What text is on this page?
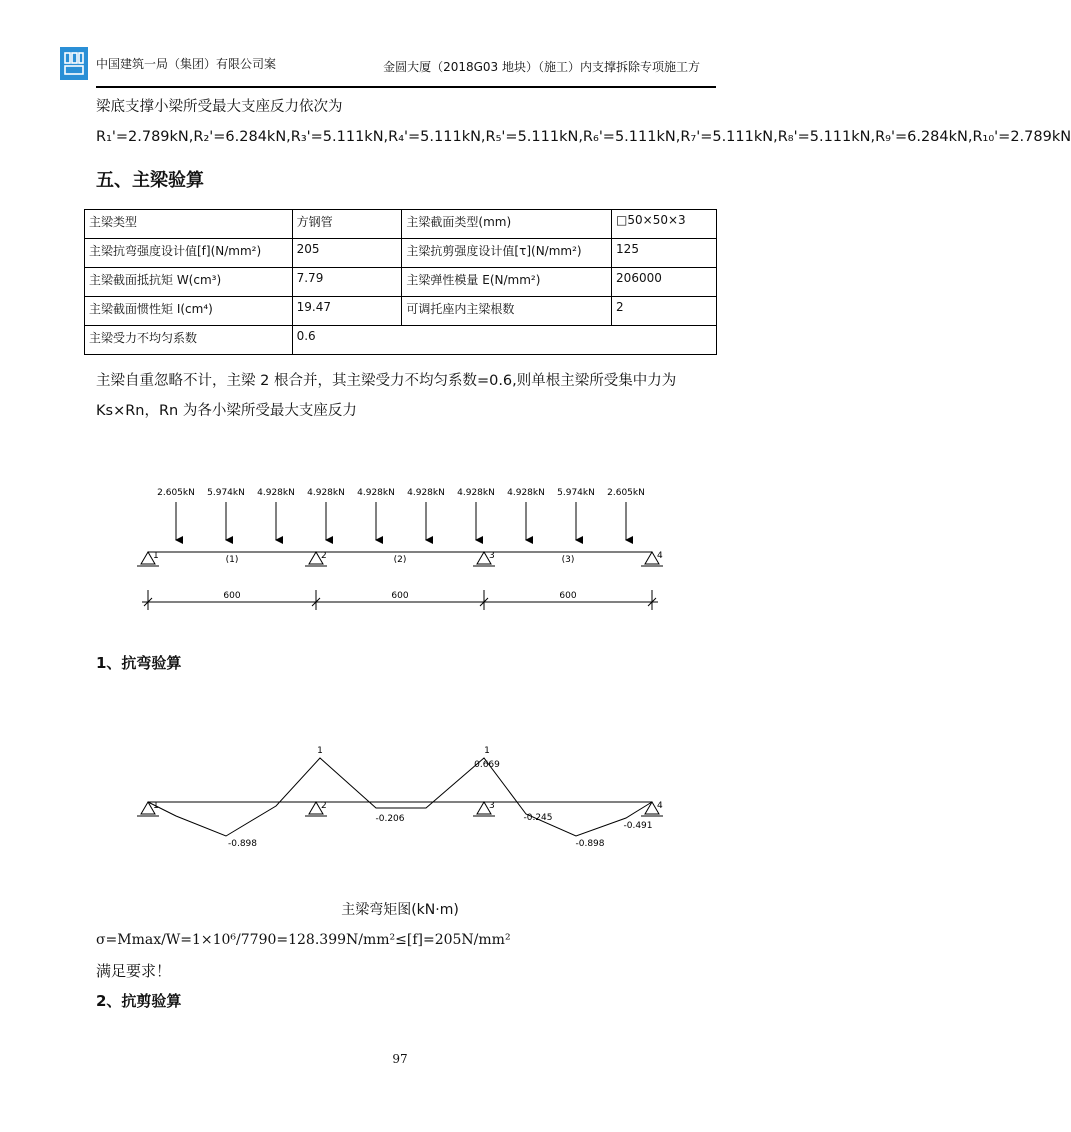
中国建筑一局（集团）有限公司案	金圆大厦（2018G03 地块）（施工）内支撑拆除专项施工方
梁底支撑小梁所受最大支座反力依次为 R₁'=2.789kN,R₂'=6.284kN,R₃'=5.111kN,R₄'=5.111kN,R₅'=5.111kN,R₆'=5.111kN,R₇'=5.111kN,R₈'=5.111kN,R₉'=6.284kN,R₁₀'=2.789kN
五、主梁验算
主梁类型	方钢管	主梁截面类型(mm)	□50×50×3
主梁抗弯强度设计值[f](N/mm²)	205	主梁抗剪强度设计值[τ](N/mm²)	125
主梁截面抵抗矩 W(cm³)	7.79	主梁弹性模量 E(N/mm²)	206000
主梁截面惯性矩 I(cm⁴)	19.47	可调托座内主梁根数	2
主梁受力不均匀系数	0.6		
主梁自重忽略不计，主梁 2 根合并，其主梁受力不均匀系数=0.6,则单根主梁所受集中力为 Ks×Rn，Rn 为各小梁所受最大支座反力
2.605kN 5.974kN 4.928kN 4.928kN 4.928kN 4.928kN 4.928kN 4.928kN 5.974kN 2.605kN
1	2	3	4
(1)	(2)	(3)
600	600	600
1、抗弯验算
1	2	3	4
1	1
0.669
-0.898
-0.206	-0.245
-0.491
-0.898
主梁弯矩图(kN·m)
σ=Mmax/W=1×10⁶/7790=128.399N/mm²≤[f]=205N/mm²
满足要求！
2、抗剪验算
97
